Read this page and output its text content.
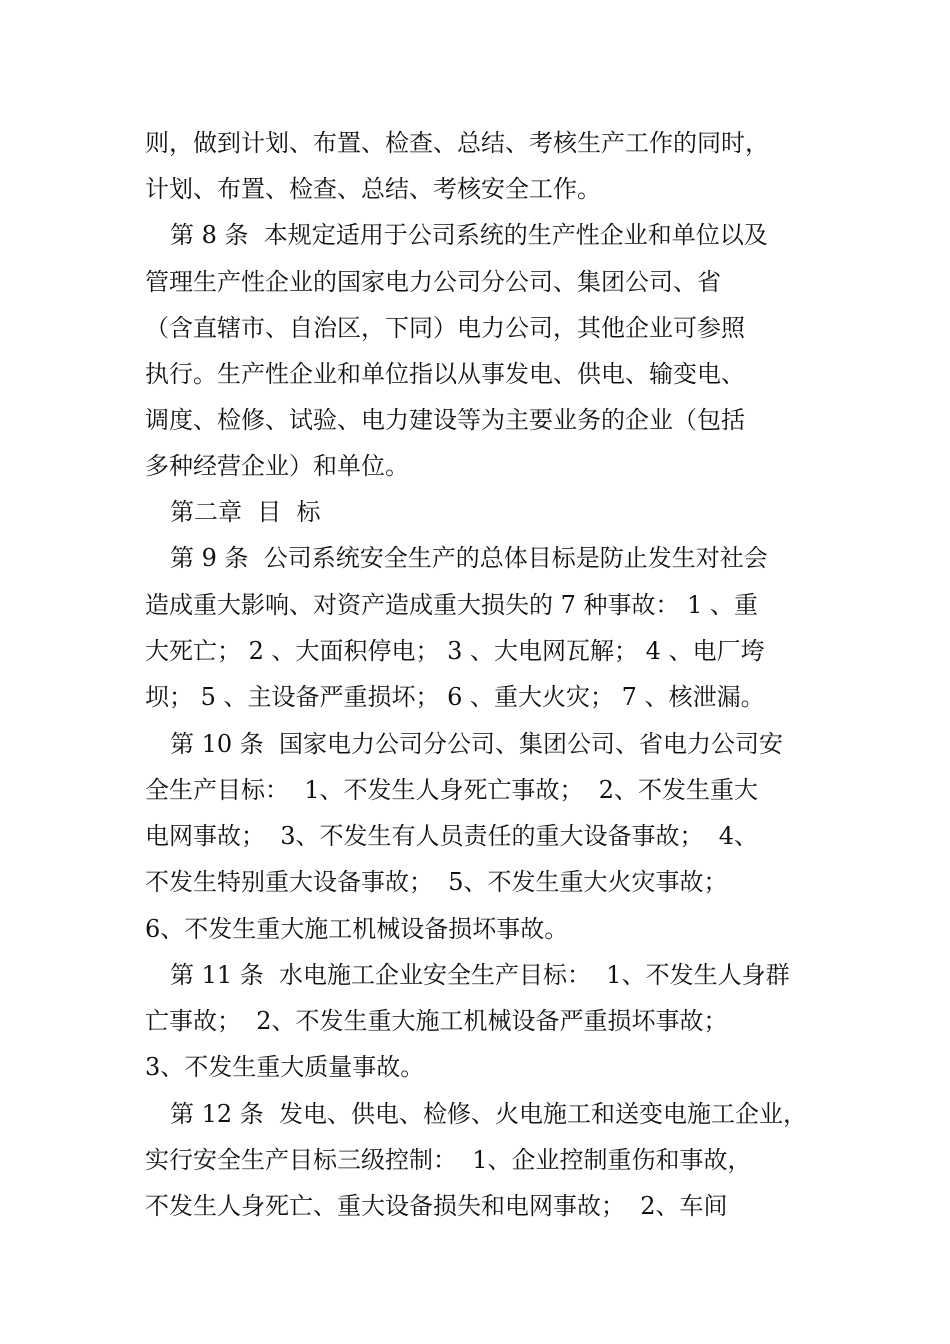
则，做到计划、布置、检查、总结、考核生产工作的同时，
计划、布置、检查、总结、考核安全工作。
第 8 条  本规定适用于公司系统的生产性企业和单位以及
管理生产性企业的国家电力公司分公司、集团公司、省
（含直辖市、自治区，下同）电力公司，其他企业可参照
执行。生产性企业和单位指以从事发电、供电、输变电、
调度、检修、试验、电力建设等为主要业务的企业（包括
多种经营企业）和单位。
第二章  目  标
第 9 条  公司系统安全生产的总体目标是防止发生对社会
造成重大影响、对资产造成重大损失的 7 种事故： 1 、重
大死亡； 2 、大面积停电； 3 、大电网瓦解； 4 、电厂垮
坝； 5 、主设备严重损坏； 6 、重大火灾； 7 、核泄漏。
第 10 条  国家电力公司分公司、集团公司、省电力公司安
全生产目标：  1、不发生人身死亡事故；  2、不发生重大
电网事故；  3、不发生有人员责任的重大设备事故；  4、
不发生特别重大设备事故；  5、不发生重大火灾事故；
6、不发生重大施工机械设备损坏事故。
第 11 条  水电施工企业安全生产目标：  1、不发生人身群
亡事故；  2、不发生重大施工机械设备严重损坏事故；
3、不发生重大质量事故。
第 12 条  发电、供电、检修、火电施工和送变电施工企业，
实行安全生产目标三级控制：  1、企业控制重伤和事故，
不发生人身死亡、重大设备损失和电网事故；  2、车间
